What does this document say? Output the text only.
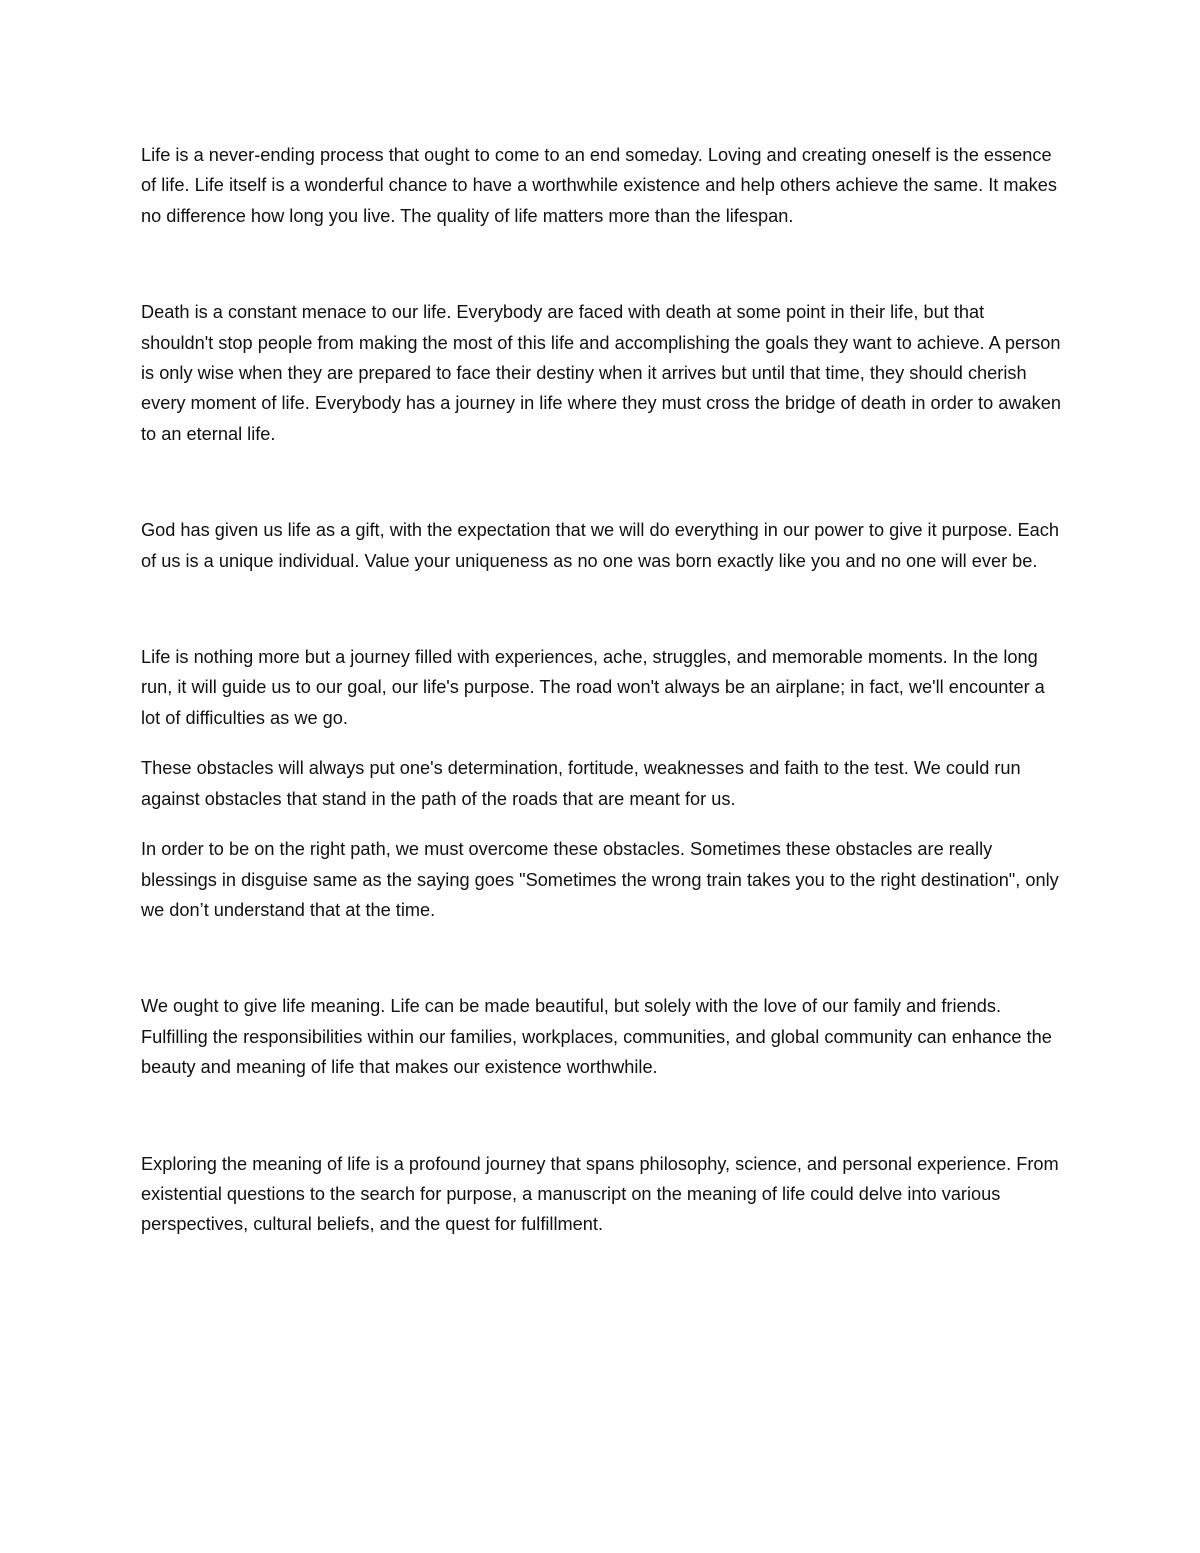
Life is a never-ending process that ought to come to an end someday. Loving and creating oneself is the essence of life. Life itself is a wonderful chance to have a worthwhile existence and help others achieve the same. It makes no difference how long you live. The quality of life matters more than the lifespan.

Death is a constant menace to our life. Everybody are faced with death at some point in their life, but that shouldn't stop people from making the most of this life and accomplishing the goals they want to achieve. A person is only wise when they are prepared to face their destiny when it arrives but until that time, they should cherish every moment of life. Everybody has a journey in life where they must cross the bridge of death in order to awaken to an eternal life.

God has given us life as a gift, with the expectation that we will do everything in our power to give it purpose. Each of us is a unique individual. Value your uniqueness as no one was born exactly like you and no one will ever be.

Life is nothing more but a journey filled with experiences, ache, struggles, and memorable moments. In the long run, it will guide us to our goal, our life's purpose. The road won't always be an airplane; in fact, we'll encounter a lot of difficulties as we go.

These obstacles will always put one's determination, fortitude, weaknesses and faith to the test. We could run against obstacles that stand in the path of the roads that are meant for us.

In order to be on the right path, we must overcome these obstacles. Sometimes these obstacles are really blessings in disguise same as the saying goes "Sometimes the wrong train takes you to the right destination", only we don’t understand that at the time.

We ought to give life meaning. Life can be made beautiful, but solely with the love of our family and friends. Fulfilling the responsibilities within our families, workplaces, communities, and global community can enhance the beauty and meaning of life that makes our existence worthwhile.

Exploring the meaning of life is a profound journey that spans philosophy, science, and personal experience. From existential questions to the search for purpose, a manuscript on the meaning of life could delve into various perspectives, cultural beliefs, and the quest for fulfillment.
